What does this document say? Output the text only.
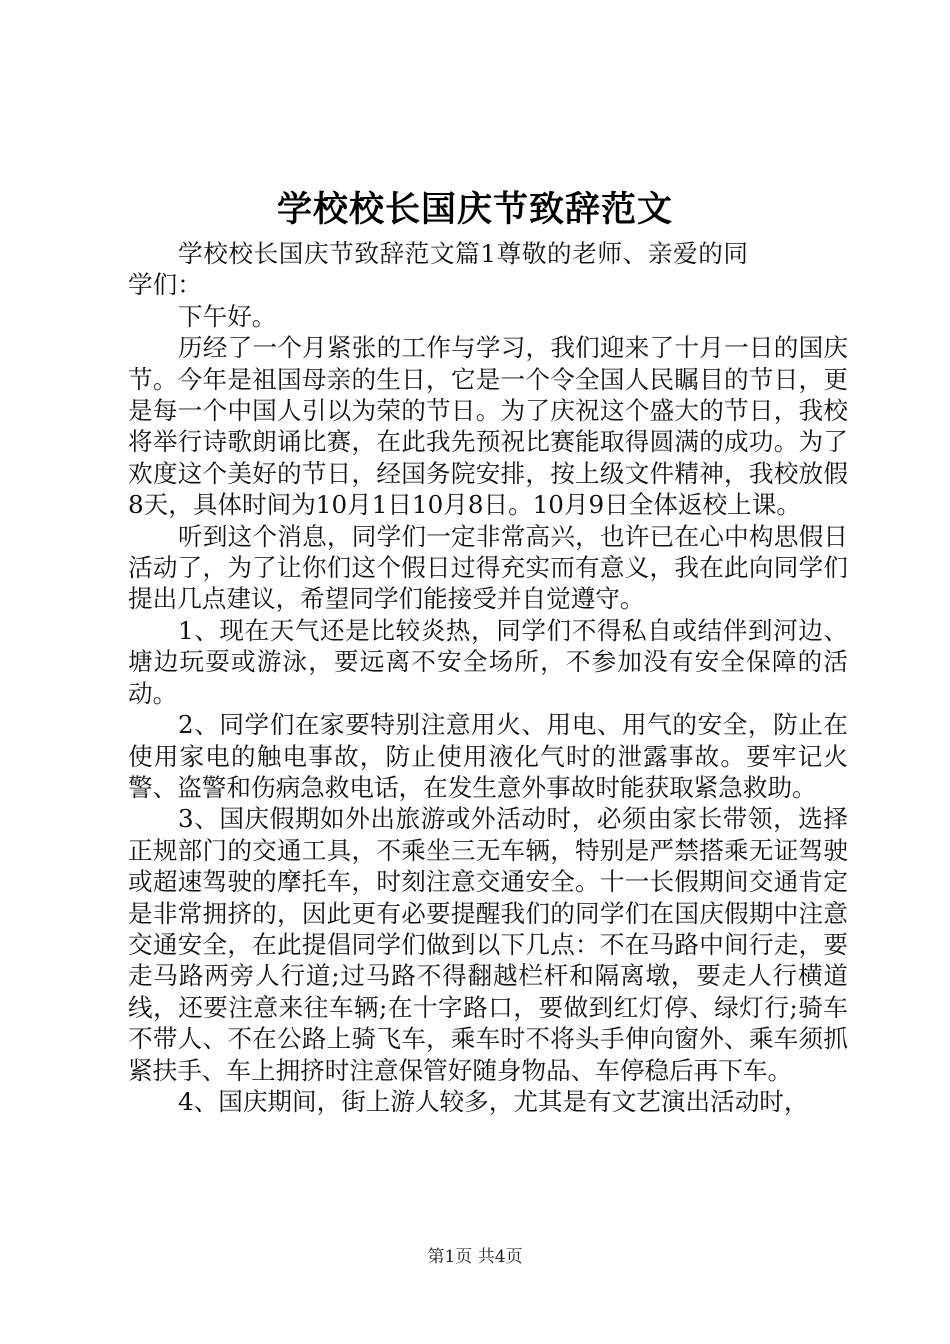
学校校长国庆节致辞范文

学校校长国庆节致辞范文篇1尊敬的老师、亲爱的同学们：

下午好。

历经了一个月紧张的工作与学习，我们迎来了十月一日的国庆节。今年是祖国母亲的生日，它是一个令全国人民瞩目的节日，更是每一个中国人引以为荣的节日。为了庆祝这个盛大的节日，我校将举行诗歌朗诵比赛，在此我先预祝比赛能取得圆满的成功。为了欢度这个美好的节日，经国务院安排，按上级文件精神，我校放假8天，具体时间为10月1日10月8日。10月9日全体返校上课。

听到这个消息，同学们一定非常高兴，也许已在心中构思假日活动了，为了让你们这个假日过得充实而有意义，我在此向同学们提出几点建议，希望同学们能接受并自觉遵守。

1、现在天气还是比较炎热，同学们不得私自或结伴到河边、塘边玩耍或游泳，要远离不安全场所，不参加没有安全保障的活动。

2、同学们在家要特别注意用火、用电、用气的安全，防止在使用家电的触电事故，防止使用液化气时的泄露事故。要牢记火警、盗警和伤病急救电话，在发生意外事故时能获取紧急救助。

3、国庆假期如外出旅游或外活动时，必须由家长带领，选择正规部门的交通工具，不乘坐三无车辆，特别是严禁搭乘无证驾驶或超速驾驶的摩托车，时刻注意交通安全。十一长假期间交通肯定是非常拥挤的，因此更有必要提醒我们的同学们在国庆假期中注意交通安全，在此提倡同学们做到以下几点：不在马路中间行走，要走马路两旁人行道;过马路不得翻越栏杆和隔离墩，要走人行横道线，还要注意来往车辆;在十字路口，要做到红灯停、绿灯行;骑车不带人、不在公路上骑飞车，乘车时不将头手伸向窗外、乘车须抓紧扶手、车上拥挤时注意保管好随身物品、车停稳后再下车。

4、国庆期间，街上游人较多，尤其是有文艺演出活动时，

第1页 共4页
